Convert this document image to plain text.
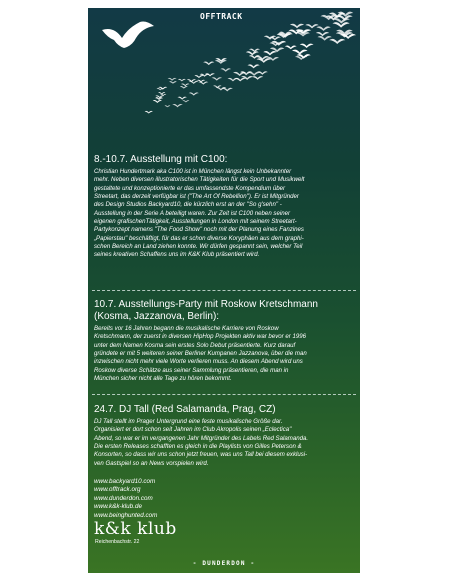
OFFTRACK
8.-10.7. Ausstellung mit C100:
Christian Hundertmark aka C100 ist in München längst kein Unbekannter
mehr. Neben diversen illustratorischen Tätigkeiten für die Sport und Musikwelt
gestaltete und konzeptionierte er das umfassendste Kompendium über
Streetart, das derzeit verfügbar ist ("The Art Of Rebellion"). Er ist Mitgründer
des Design Studios Backyard10, die kürzlich erst an der "So g'sehn" -
Ausstellung in der Serie A beteiligt waren. Zur Zeit ist C100 neben seiner
eigenen grafischenTätigkeit, Ausstellungen in London mit seinem Streetart-
Partykonzept namens "The Food Show" noch mit der Planung eines Fanzines
„Papierstau" beschäftigt, für das er schon diverse Koryphäen aus dem graphi-
schen Bereich an Land ziehen konnte. Wir dürfen gespannt sein, welcher Teil
seines kreativen Schaffens uns im K&K Klub präsentiert wird.
10.7. Ausstellungs-Party mit Roskow Kretschmann
(Kosma, Jazzanova, Berlin):
Bereits vor 16 Jahren begann die musikalische Karriere von Roskow
Kretschmann, der zuerst in diversen HipHop Projekten aktiv war bevor er 1996
unter dem Namen Kosma sein erstes Solo Debut präsentierte. Kurz darauf
gründete er mit 5 weiteren seiner Berliner Kumpanen Jazzanova, über die man
inzwischen nicht mehr viele Worte verlieren muss. An diesem Abend wird uns
Roskow diverse Schätze aus seiner Sammlung präsentieren, die man in
München sicher nicht alle Tage zu hören bekommt.
24.7. DJ Tall (Red Salamanda, Prag, CZ)
DJ Tall stellt im Prager Untergrund eine feste musikalische Größe dar.
Organisiert er dort schon seit Jahren im Club Akropolis seinen „Eclectica"
Abend, so war er im vergangenen Jahr Mitgründer des Labels Red Salamanda.
Die ersten Releases schafften es gleich in die Playlists von Gilles Peterson &
Konsorten, so dass wir uns schon jetzt freuen, was uns Tall bei diesem exklusi-
ven Gastspiel so an News vorspielen wird.
www.backyard10.com
www.offtrack.org
www.dunderdon.com
www.k&k-klub.de
www.beinghunted.com
k&k klub
Reichenbachstr. 22
- DUNDERDON -
